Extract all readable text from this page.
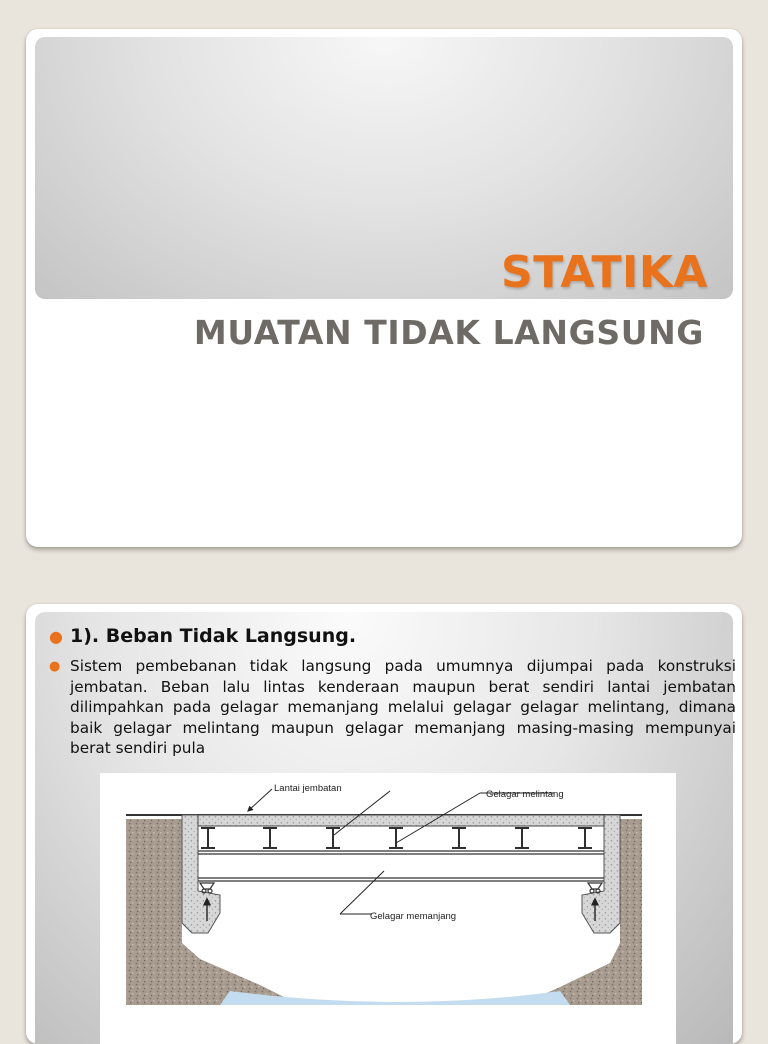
STATIKA
MUATAN TIDAK LANGSUNG

● 1). Beban Tidak Langsung.

● Sistem pembebanan tidak langsung pada umumnya dijumpai pada konstruksi jembatan. Beban lalu lintas kenderaan maupun berat sendiri lantai jembatan dilimpahkan pada gelagar memanjang melalui gelagar gelagar melintang, dimana baik gelagar melintang maupun gelagar memanjang masing-masing mempunyai berat sendiri pula

Lantai jembatan
Gelagar melintang
Gelagar memanjang
